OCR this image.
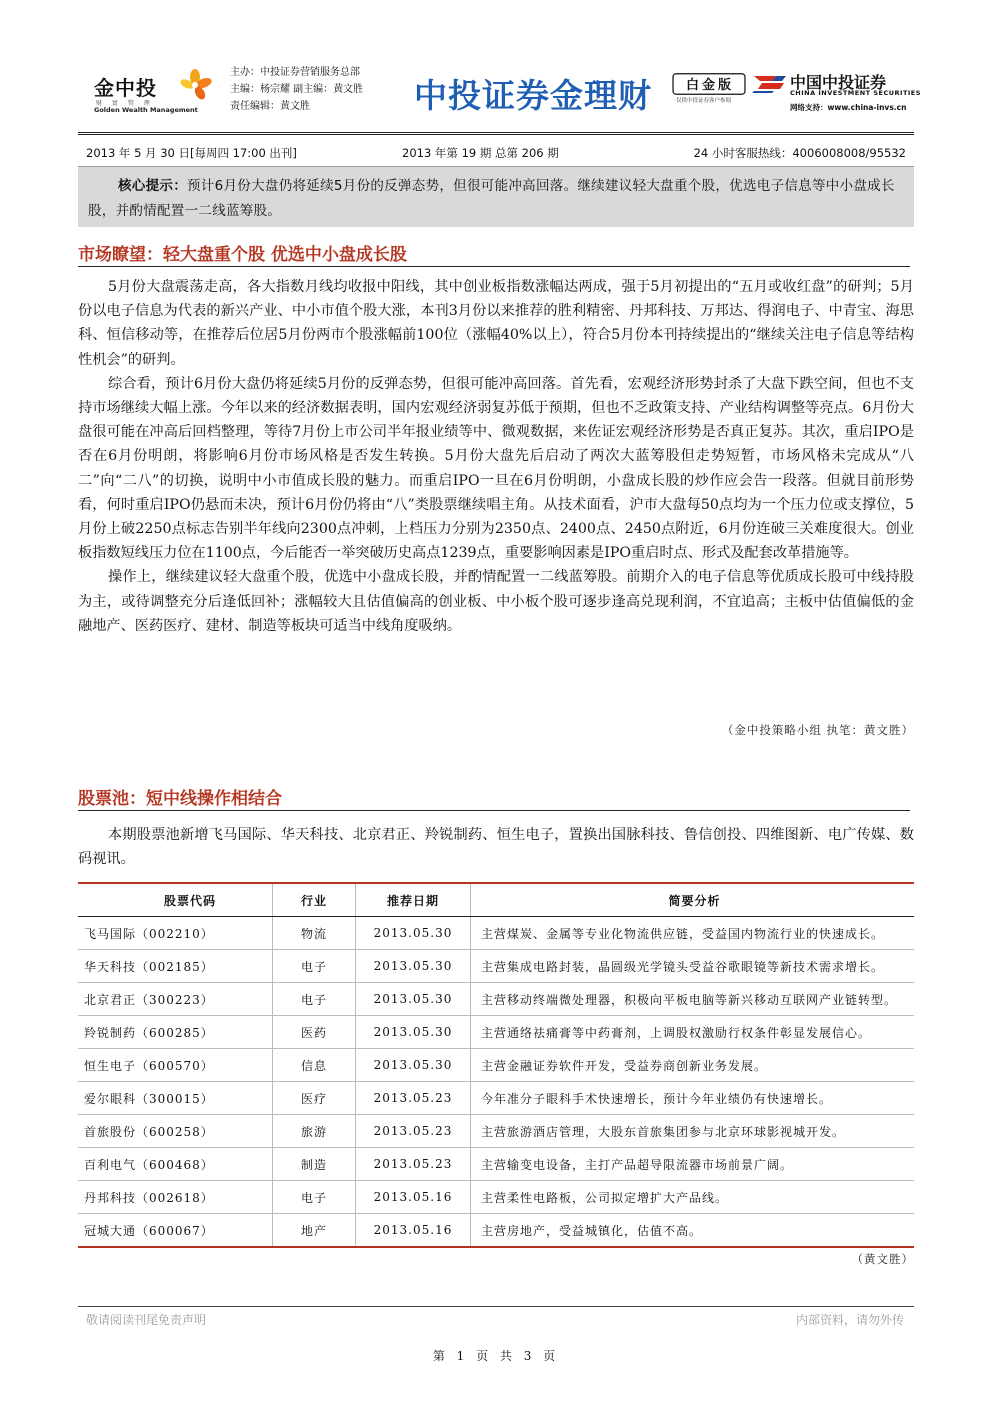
金中投
财 富 管 理
Golden Wealth Management
主办：中投证券营销服务总部
主编：杨宗耀 副主编：黄文胜
责任编辑：黄文胜	中投证券金理财	白金版
仅供中投证券客户参阅
中国中投证券
CHINA INVESTMENT SECURITIES
网络支持：www.china-invs.cn
2013 年 5 月 30 日[每周四 17:00 出刊]	2013 年第 19 期 总第 206 期	24 小时客服热线：4006008008/95532

核心提示：预计6月份大盘仍将延续5月份的反弹态势，但很可能冲高回落。继续建议轻大盘重个股，优选电子信息等中小盘成长股，并酌情配置一二线蓝筹股。

市场瞭望：轻大盘重个股 优选中小盘成长股

5月份大盘震荡走高，各大指数月线均收报中阳线，其中创业板指数涨幅达两成，强于5月初提出的“五月或收红盘”的研判；5月份以电子信息为代表的新兴产业、中小市值个股大涨，本刊3月份以来推荐的胜利精密、丹邦科技、万邦达、得润电子、中青宝、海思科、恒信移动等，在推荐后位居5月份两市个股涨幅前100位（涨幅40%以上），符合5月份本刊持续提出的“继续关注电子信息等结构性机会”的研判。

综合看，预计6月份大盘仍将延续5月份的反弹态势，但很可能冲高回落。首先看，宏观经济形势封杀了大盘下跌空间，但也不支持市场继续大幅上涨。今年以来的经济数据表明，国内宏观经济弱复苏低于预期，但也不乏政策支持、产业结构调整等亮点。6月份大盘很可能在冲高后回档整理，等待7月份上市公司半年报业绩等中、微观数据，来佐证宏观经济形势是否真正复苏。其次，重启IPO是否在6月份明朗，将影响6月份市场风格是否发生转换。5月份大盘先后启动了两次大蓝筹股但走势短暂，市场风格未完成从“八二”向“二八”的切换，说明中小市值成长股的魅力。而重启IPO一旦在6月份明朗，小盘成长股的炒作应会告一段落。但就目前形势看，何时重启IPO仍悬而未决，预计6月份仍将由“八”类股票继续唱主角。从技术面看，沪市大盘每50点均为一个压力位或支撑位，5月份上破2250点标志告别半年线向2300点冲刺，上档压力分别为2350点、2400点、2450点附近，6月份连破三关难度很大。创业板指数短线压力位在1100点，今后能否一举突破历史高点1239点，重要影响因素是IPO重启时点、形式及配套改革措施等。

操作上，继续建议轻大盘重个股，优选中小盘成长股，并酌情配置一二线蓝筹股。前期介入的电子信息等优质成长股可中线持股为主，或待调整充分后逢低回补；涨幅较大且估值偏高的创业板、中小板个股可逐步逢高兑现利润，不宜追高；主板中估值偏低的金融地产、医药医疗、建材、制造等板块可适当中线角度吸纳。

（金中投策略小组 执笔：黄文胜）
股票池：短中线操作相结合

本期股票池新增飞马国际、华天科技、北京君正、羚锐制药、恒生电子，置换出国脉科技、鲁信创投、四维图新、电广传媒、数码视讯。

股票代码	行业	推荐日期	简要分析
飞马国际（002210）	物流	2013.05.30	主营煤炭、金属等专业化物流供应链，受益国内物流行业的快速成长。
华天科技（002185）	电子	2013.05.30	主营集成电路封装，晶圆级光学镜头受益谷歌眼镜等新技术需求增长。
北京君正（300223）	电子	2013.05.30	主营移动终端微处理器，积极向平板电脑等新兴移动互联网产业链转型。
羚锐制药（600285）	医药	2013.05.30	主营通络祛痛膏等中药膏剂，上调股权激励行权条件彰显发展信心。
恒生电子（600570）	信息	2013.05.30	主营金融证券软件开发，受益券商创新业务发展。
爱尔眼科（300015）	医疗	2013.05.23	今年准分子眼科手术快速增长，预计今年业绩仍有快速增长。
首旅股份（600258）	旅游	2013.05.23	主营旅游酒店管理，大股东首旅集团参与北京环球影视城开发。
百利电气（600468）	制造	2013.05.23	主营输变电设备，主打产品超导限流器市场前景广阔。
丹邦科技（002618）	电子	2013.05.16	主营柔性电路板，公司拟定增扩大产品线。
冠城大通（600067）	地产	2013.05.16	主营房地产，受益城镇化，估值不高。
（黄文胜）
敬请阅读刊尾免责声明	内部资料，请勿外传
第 1 页 共 3 页
